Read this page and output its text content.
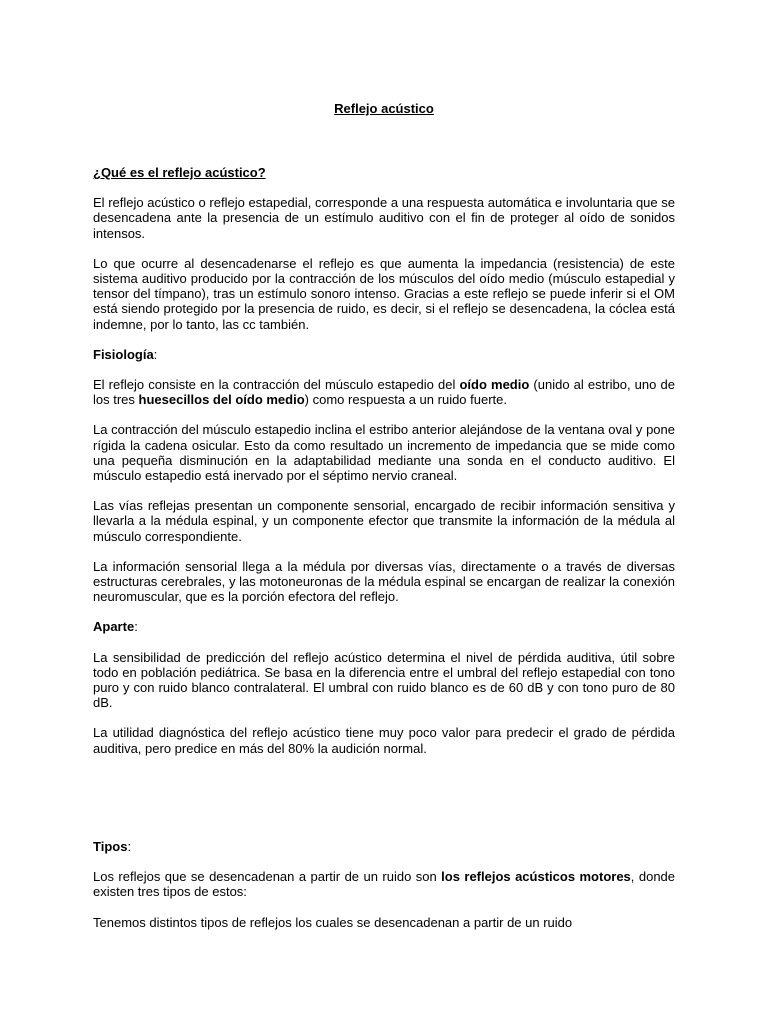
Reflejo acústico
¿Qué es el reflejo acústico?

El reflejo acústico o reflejo estapedial, corresponde a una respuesta automática e involuntaria que se desencadena ante la presencia de un estímulo auditivo con el fin de proteger al oído de sonidos intensos.

Lo que ocurre al desencadenarse el reflejo es que aumenta la impedancia (resistencia) de este sistema auditivo producido por la contracción de los músculos del oído medio (músculo estapedial y tensor del tímpano), tras un estímulo sonoro intenso. Gracias a este reflejo se puede inferir si el OM está siendo protegido por la presencia de ruido, es decir, si el reflejo se desencadena, la cóclea está indemne, por lo tanto, las cc también.

Fisiología:

El reflejo consiste en la contracción del músculo estapedio del oído medio (unido al estribo, uno de los tres huesecillos del oído medio) como respuesta a un ruido fuerte.

La contracción del músculo estapedio inclina el estribo anterior alejándose de la ventana oval y pone rígida la cadena osicular. Esto da como resultado un incremento de impedancia que se mide como una pequeña disminución en la adaptabilidad mediante una sonda en el conducto auditivo. El músculo estapedio está inervado por el séptimo nervio craneal.

Las vías reflejas presentan un componente sensorial, encargado de recibir información sensitiva y llevarla a la médula espinal, y un componente efector que transmite la información de la médula al músculo correspondiente.

La información sensorial llega a la médula por diversas vías, directamente o a través de diversas estructuras cerebrales, y las motoneuronas de la médula espinal se encargan de realizar la conexión neuromuscular, que es la porción efectora del reflejo.

Aparte:

La sensibilidad de predicción del reflejo acústico determina el nivel de pérdida auditiva, útil sobre todo en población pediátrica. Se basa en la diferencia entre el umbral del reflejo estapedial con tono puro y con ruido blanco contralateral. El umbral con ruido blanco es de 60 dB y con tono puro de 80 dB.

La utilidad diagnóstica del reflejo acústico tiene muy poco valor para predecir el grado de pérdida auditiva, pero predice en más del 80% la audición normal.

Tipos:

Los reflejos que se desencadenan a partir de un ruido son los reflejos acústicos motores, donde existen tres tipos de estos:

Tenemos distintos tipos de reflejos los cuales se desencadenan a partir de un ruido
